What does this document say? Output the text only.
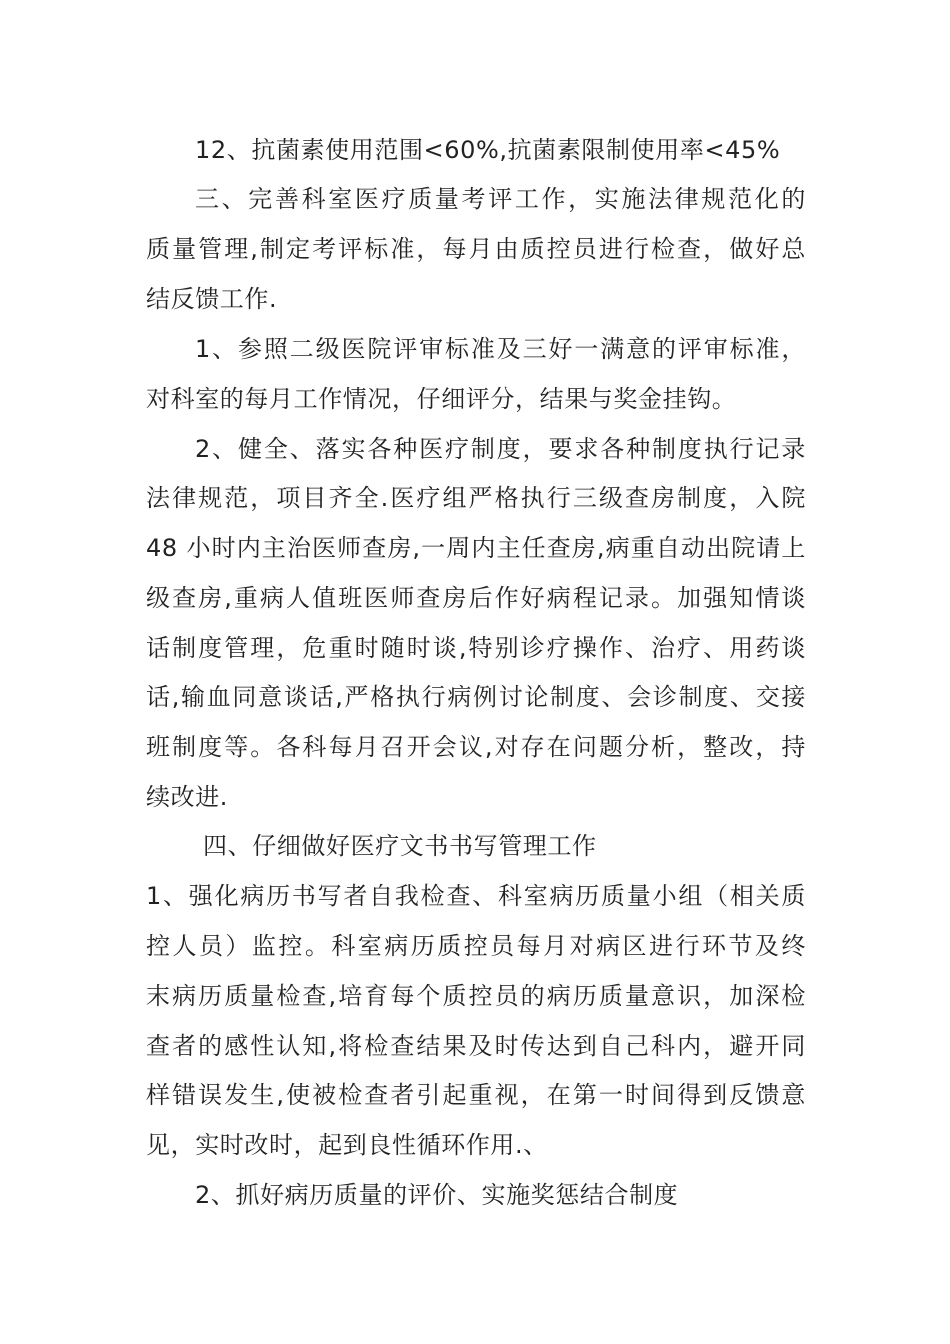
12、抗菌素使用范围<60%,抗菌素限制使用率<45%
三、完善科室医疗质量考评工作，实施法律规范化的
质量管理,制定考评标准，每月由质控员进行检查，做好总
结反馈工作.
1、参照二级医院评审标准及三好一满意的评审标准，
对科室的每月工作情况，仔细评分，结果与奖金挂钩。
2、健全、落实各种医疗制度，要求各种制度执行记录
法律规范，项目齐全.医疗组严格执行三级查房制度，入院
48 小时内主治医师查房,一周内主任查房,病重自动出院请上
级查房,重病人值班医师查房后作好病程记录。加强知情谈
话制度管理，危重时随时谈,特别诊疗操作、治疗、用药谈
话,输血同意谈话,严格执行病例讨论制度、会诊制度、交接
班制度等。各科每月召开会议,对存在问题分析，整改，持
续改进.
四、仔细做好医疗文书书写管理工作
1、强化病历书写者自我检查、科室病历质量小组（相关质
控人员）监控。科室病历质控员每月对病区进行环节及终
末病历质量检查,培育每个质控员的病历质量意识，加深检
查者的感性认知,将检查结果及时传达到自己科内，避开同
样错误发生,使被检查者引起重视，在第一时间得到反馈意
见，实时改时，起到良性循环作用.、
2、抓好病历质量的评价、实施奖惩结合制度
